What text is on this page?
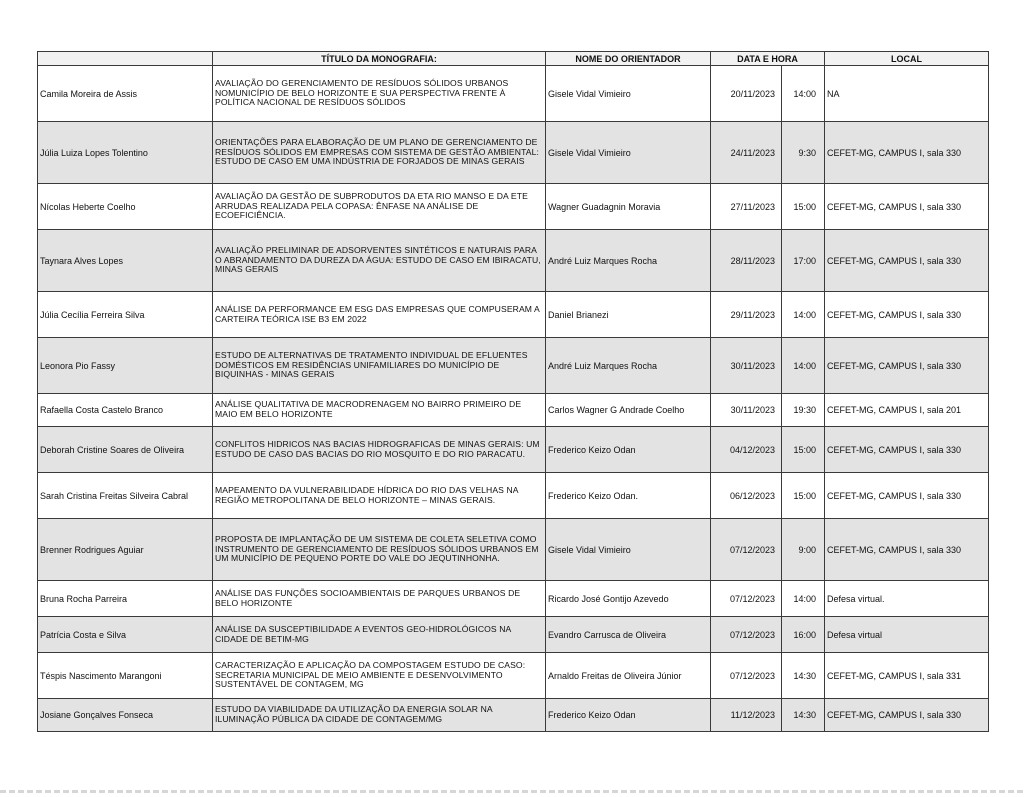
	TÍTULO DA MONOGRAFIA:	NOME DO ORIENTADOR	DATA E HORA		LOCAL
Camila Moreira de Assis	AVALIAÇÃO DO GERENCIAMENTO DE RESÍDUOS SÓLIDOS URBANOS NOMUNICÍPIO DE BELO HORIZONTE E SUA PERSPECTIVA FRENTE À POLÍTICA NACIONAL DE RESÍDUOS SÓLIDOS	Gisele Vidal Vimieiro	20/11/2023	14:00	NA
Júlia Luiza Lopes Tolentino	ORIENTAÇÕES PARA ELABORAÇÃO DE UM PLANO DE GERENCIAMENTO DE RESÍDUOS SÓLIDOS EM EMPRESAS COM SISTEMA DE GESTÃO AMBIENTAL: ESTUDO DE CASO EM UMA INDÚSTRIA DE FORJADOS DE MINAS GERAIS	Gisele Vidal Vimieiro	24/11/2023	9:30	CEFET-MG, CAMPUS I, sala 330
Nícolas Heberte Coelho	AVALIAÇÃO DA GESTÃO DE SUBPRODUTOS DA ETA RIO MANSO E DA ETE ARRUDAS REALIZADA PELA COPASA: ÊNFASE NA ANÁLISE DE ECOEFICIÊNCIA.	Wagner Guadagnin Moravia	27/11/2023	15:00	CEFET-MG, CAMPUS I, sala 330
Taynara Alves Lopes	AVALIAÇÃO PRELIMINAR DE ADSORVENTES SINTÉTICOS E NATURAIS PARA O ABRANDAMENTO DA DUREZA DA ÁGUA: ESTUDO DE CASO EM IBIRACATU, MINAS GERAIS	André Luiz Marques Rocha	28/11/2023	17:00	CEFET-MG, CAMPUS I, sala 330
Júlia Cecília Ferreira Silva	ANÁLISE DA PERFORMANCE EM ESG DAS EMPRESAS QUE COMPUSERAM A CARTEIRA TEÓRICA ISE B3 EM 2022	Daniel Brianezi	29/11/2023	14:00	CEFET-MG, CAMPUS I, sala 330
Leonora Pio Fassy	ESTUDO DE ALTERNATIVAS DE TRATAMENTO INDIVIDUAL DE EFLUENTES DOMÉSTICOS EM RESIDÊNCIAS UNIFAMILIARES DO MUNICÍPIO DE BIQUINHAS - MINAS GERAIS	André Luiz Marques Rocha	30/11/2023	14:00	CEFET-MG, CAMPUS I, sala 330
Rafaella Costa Castelo Branco	ANÁLISE QUALITATIVA DE MACRODRENAGEM NO BAIRRO PRIMEIRO DE MAIO EM BELO HORIZONTE	Carlos Wagner G Andrade Coelho	30/11/2023	19:30	CEFET-MG, CAMPUS I, sala 201
Deborah Cristine Soares de Oliveira	CONFLITOS HIDRICOS NAS BACIAS HIDROGRAFICAS DE MINAS GERAIS: UM ESTUDO DE CASO DAS BACIAS DO RIO MOSQUITO E DO RIO PARACATU.	Frederico Keizo Odan	04/12/2023	15:00	CEFET-MG, CAMPUS I, sala 330
Sarah Cristina Freitas Silveira Cabral	MAPEAMENTO DA VULNERABILIDADE HÍDRICA DO RIO DAS VELHAS NA REGIÃO METROPOLITANA DE BELO HORIZONTE – MINAS GERAIS.	Frederico Keizo Odan.	06/12/2023	15:00	CEFET-MG, CAMPUS I, sala 330
Brenner Rodrigues Aguiar	PROPOSTA DE IMPLANTAÇÃO DE UM SISTEMA DE COLETA SELETIVA COMO INSTRUMENTO DE GERENCIAMENTO DE RESÍDUOS SÓLIDOS URBANOS EM UM MUNICÍPIO DE PEQUENO PORTE DO VALE DO JEQUTINHONHA.	Gisele Vidal Vimieiro	07/12/2023	9:00	CEFET-MG, CAMPUS I, sala 330
Bruna Rocha Parreira	ANÁLISE DAS FUNÇÕES SOCIOAMBIENTAIS DE PARQUES URBANOS DE BELO HORIZONTE	Ricardo José Gontijo Azevedo	07/12/2023	14:00	Defesa virtual.
Patrícia Costa e Silva	ANÁLISE DA SUSCEPTIBILIDADE A EVENTOS GEO-HIDROLÓGICOS NA CIDADE DE BETIM-MG	Evandro Carrusca de Oliveira	07/12/2023	16:00	Defesa virtual
Téspis Nascimento Marangoni	CARACTERIZAÇÃO E APLICAÇÃO DA COMPOSTAGEM ESTUDO DE CASO: SECRETARIA MUNICIPAL DE MEIO AMBIENTE E DESENVOLVIMENTO SUSTENTÁVEL DE CONTAGEM, MG	Arnaldo Freitas de Oliveira Júnior	07/12/2023	14:30	CEFET-MG, CAMPUS I, sala 331
Josiane Gonçalves Fonseca	ESTUDO DA VIABILIDADE DA UTILIZAÇÃO DA ENERGIA SOLAR NA ILUMINAÇÃO PÚBLICA DA CIDADE DE CONTAGEM/MG	Frederico Keizo Odan	11/12/2023	14:30	CEFET-MG, CAMPUS I, sala 330
